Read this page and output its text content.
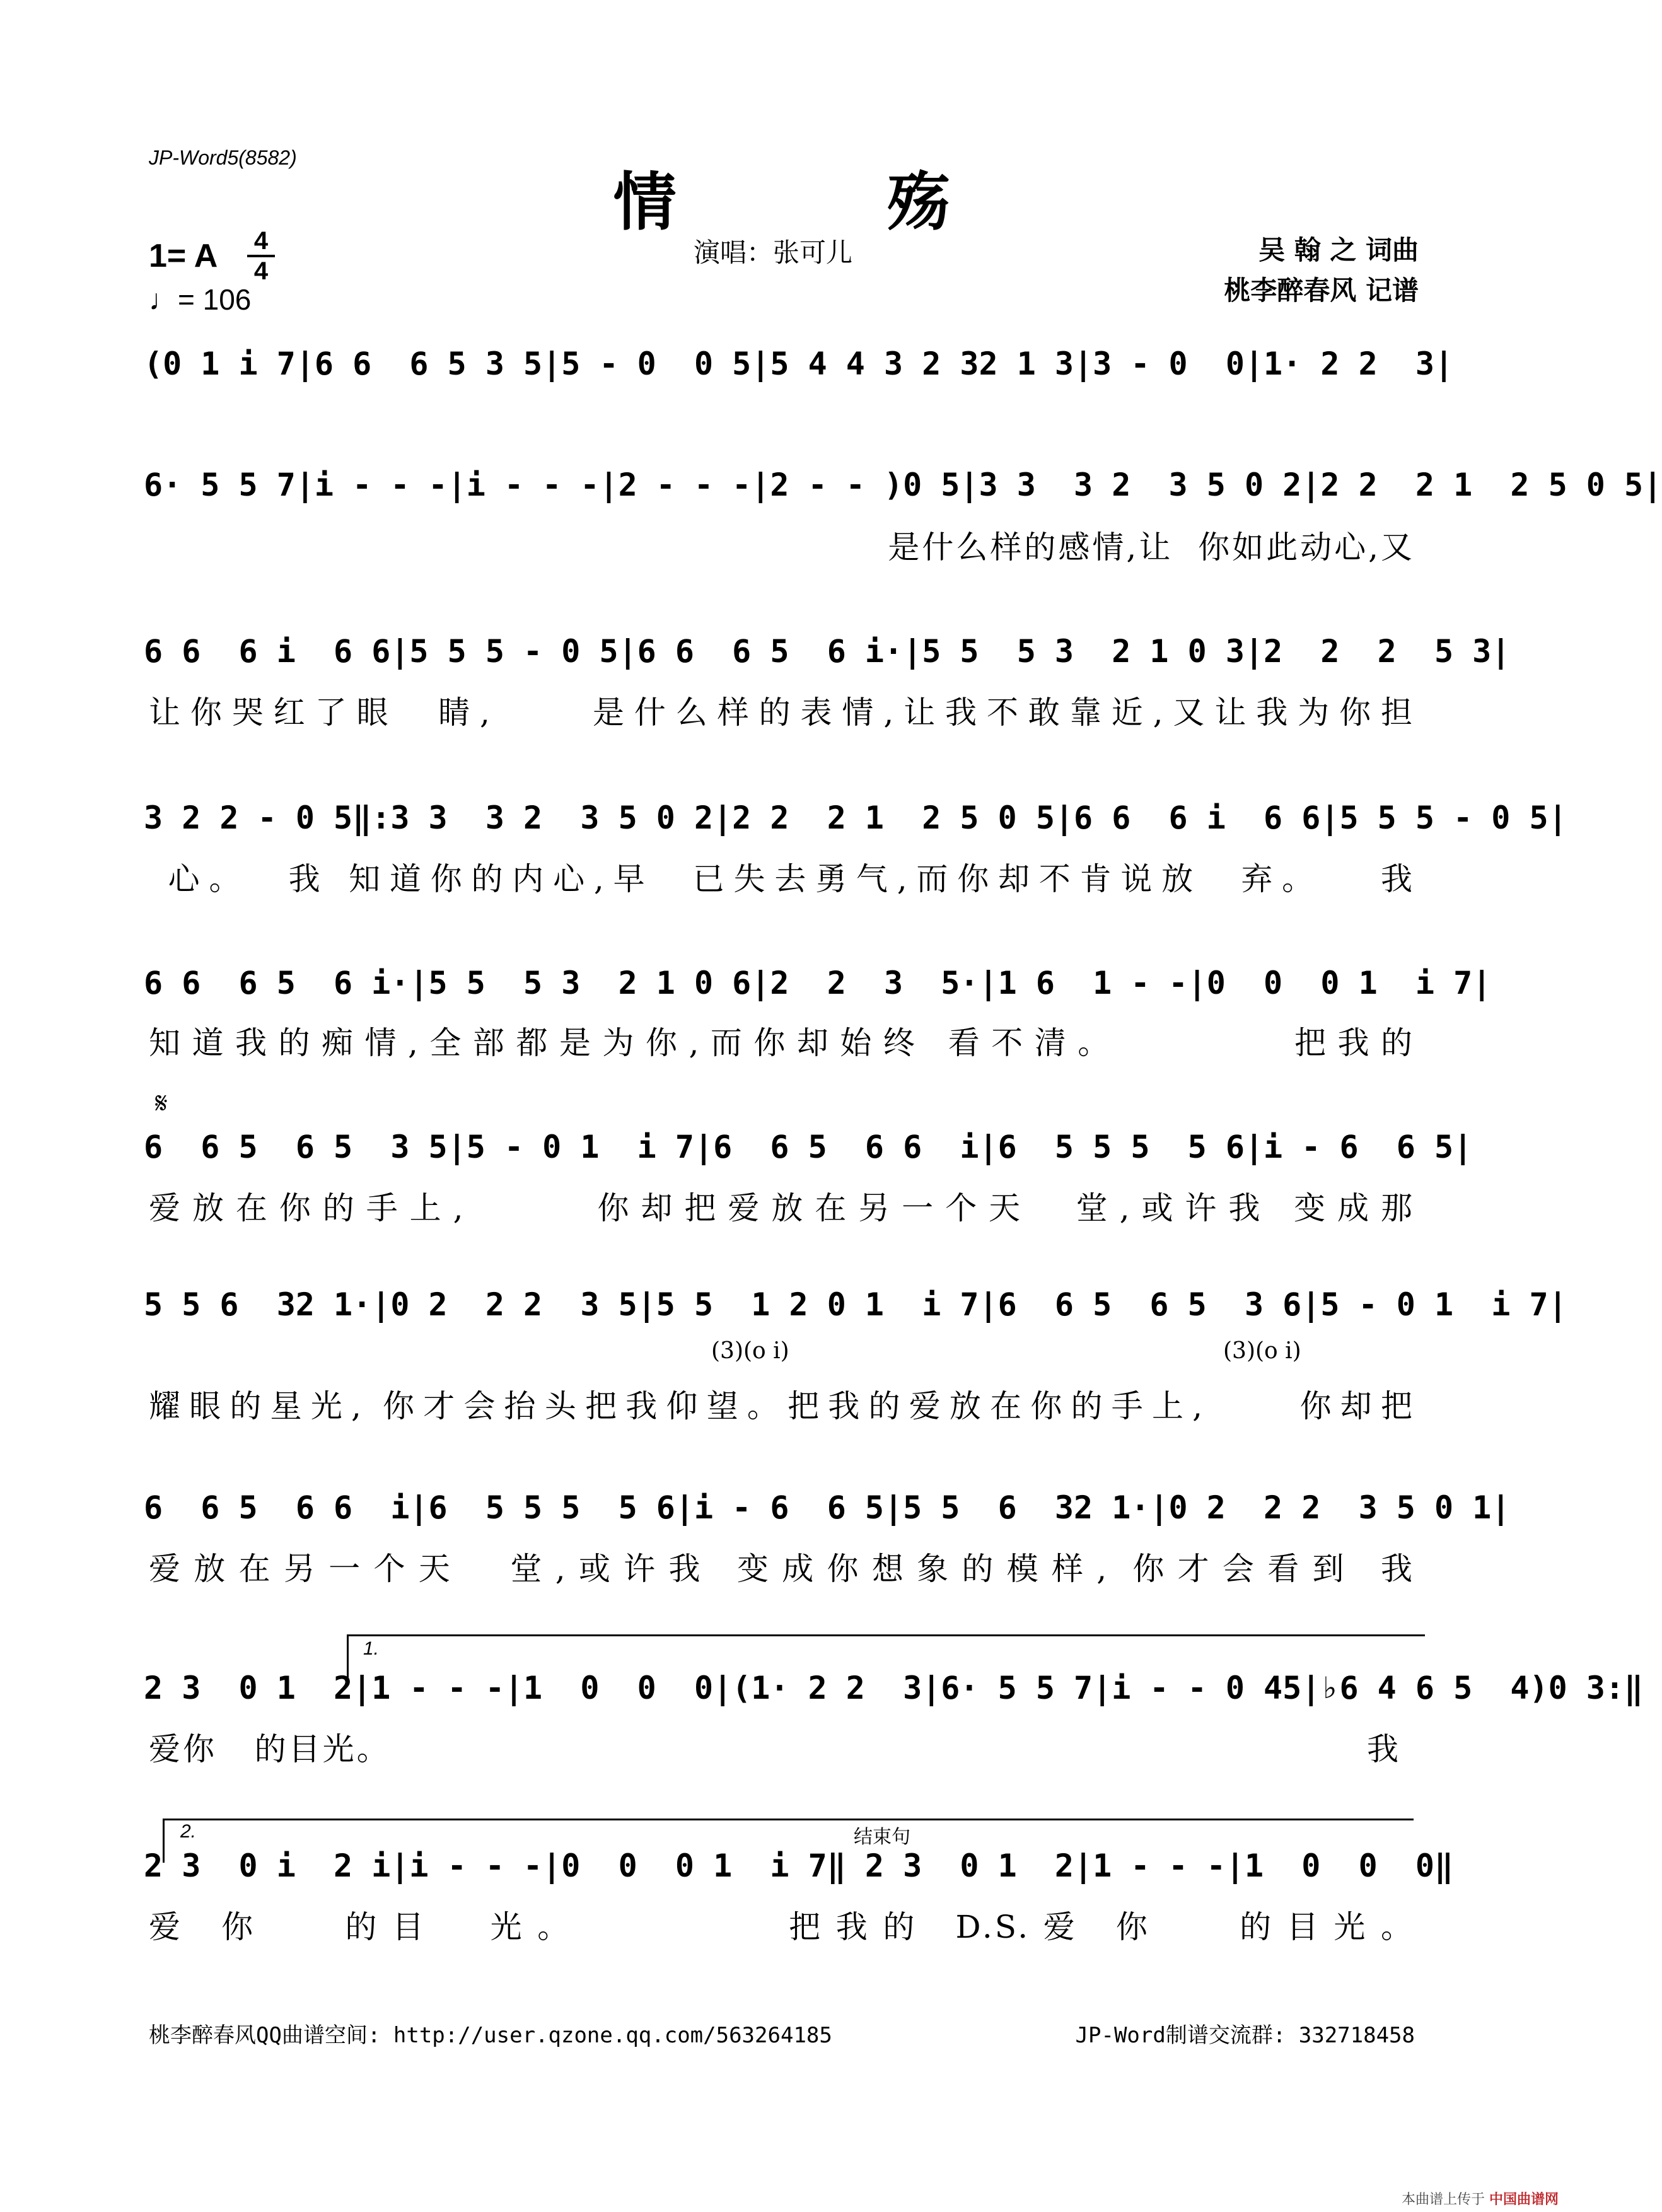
JP-Word5(8582)
情 殇
1= A 4
4
♩= 106
演唱：张可儿	吴 翰 之 词曲
桃李醉春风 记谱
(0 1 i 7|6 6  6 5 3 5|5 - 0  0 5|5 4 4 3 2 32 1 3|3 - 0  0|1· 2 2  3|
6· 5 5 7|i - - -|i - - -|2 - - -|2 - - )0 5|3 3  3 2  3 5 0 2|2 2  2 1  2 5 0 5|
是什么样的感情,让  你如此动心,又
6 6  6 i  6 6|5 5 5 - 0 5|6 6  6 5  6 i·|5 5  5 3  2 1 0 3|2  2  2  5 3|
让你哭红了眼  睛,     是什么样的表情,让我不敢靠近,又让我为你担
3 2 2 - 0 5‖:3 3  3 2  3 5 0 2|2 2  2 1  2 5 0 5|6 6  6 i  6 6|5 5 5 - 0 5|
心。  我 知道你的内心,早  已失去勇气,而你却不肯说放  弃。   我
6 6  6 5  6 i·|5 5  5 3  2 1 0 6|2  2  3  5·|1 6  1 - -|0  0  0 1  i 7|
知道我的痴情,全部都是为你,而你却始终 看不清。        把我的
𝄋
6  6 5  6 5  3 5|5 - 0 1  i 7|6  6 5  6 6  i|6  5 5 5  5 6|i - 6  6 5|
爱放在你的手上,      你却把爱放在另一个天  堂,或许我 变成那
5 5 6  32 1·|0 2  2 2  3 5|5 5  1 2 0 1  i 7|6  6 5  6 5  3 6|5 - 0 1  i 7|
(3)(o i)	(3)(o i)
耀眼的星光, 你才会抬头把我仰望。把我的爱放在你的手上,     你却把
6  6 5  6 6  i|6  5 5 5  5 6|i - 6  6 5|5 5  6  32 1·|0 2  2 2  3 5 0 1|
爱放在另一个天  堂,或许我 变成你想象的模样, 你才会看到 我
1.
2 3  0 1  2|1 - - -|1  0  0  0|(1· 2 2  3|6· 5 5 7|i - - 0 45|♭6 4 6 5  4)0 3:‖
爱你   的目光。	我
2.	结束句
2 3  0 i  2 i|i - - -|0  0  0 1  i 7‖ 2 3  0 1  2|1 - - -|1  0  0  0‖
爱 你   的目  光。        把我的 D.S.爱 你   的目光。
桃李醉春风QQ曲谱空间: http://user.qzone.qq.com/563264185	JP-Word制谱交流群: 332718458
本曲谱上传于 中国曲谱网
